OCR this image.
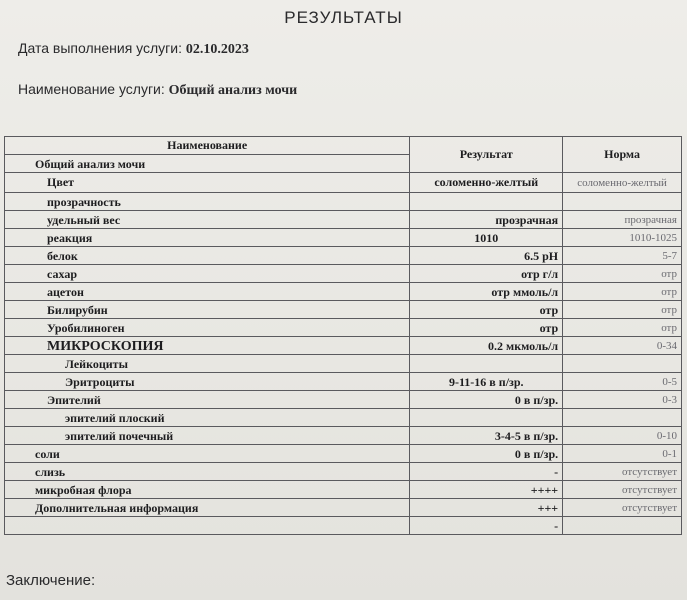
РЕЗУЛЬТАТЫ
Дата выполнения услуги: 02.10.2023
Наименование услуги: Общий анализ мочи
Наименование	Результат	Норма
Общий анализ мочи		
Цвет	соломенно-желтый	соломенно-желтый
прозрачность		
удельный вес	прозрачная	прозрачная
реакция	1010	1010-1025
белок	6.5 pH	5-7
сахар	отр г/л	отр
ацетон	отр ммоль/л	отр
Билирубин	отр	отр
Уробилиноген	отр	отр
МИКРОСКОПИЯ	0.2 мкмоль/л	0-34
Лейкоциты		
Эритроциты	9-11-16 в п/зр.	0-5
Эпителий	0 в п/зр.	0-3
эпителий плоский		
эпителий почечный	3-4-5 в п/зр.	0-10
соли	0 в п/зр.	0-1
слизь	-	отсутствует
микробная флора	++++	отсутствует
Дополнительная информация	+++	отсутствует
	-	
Заключение:
